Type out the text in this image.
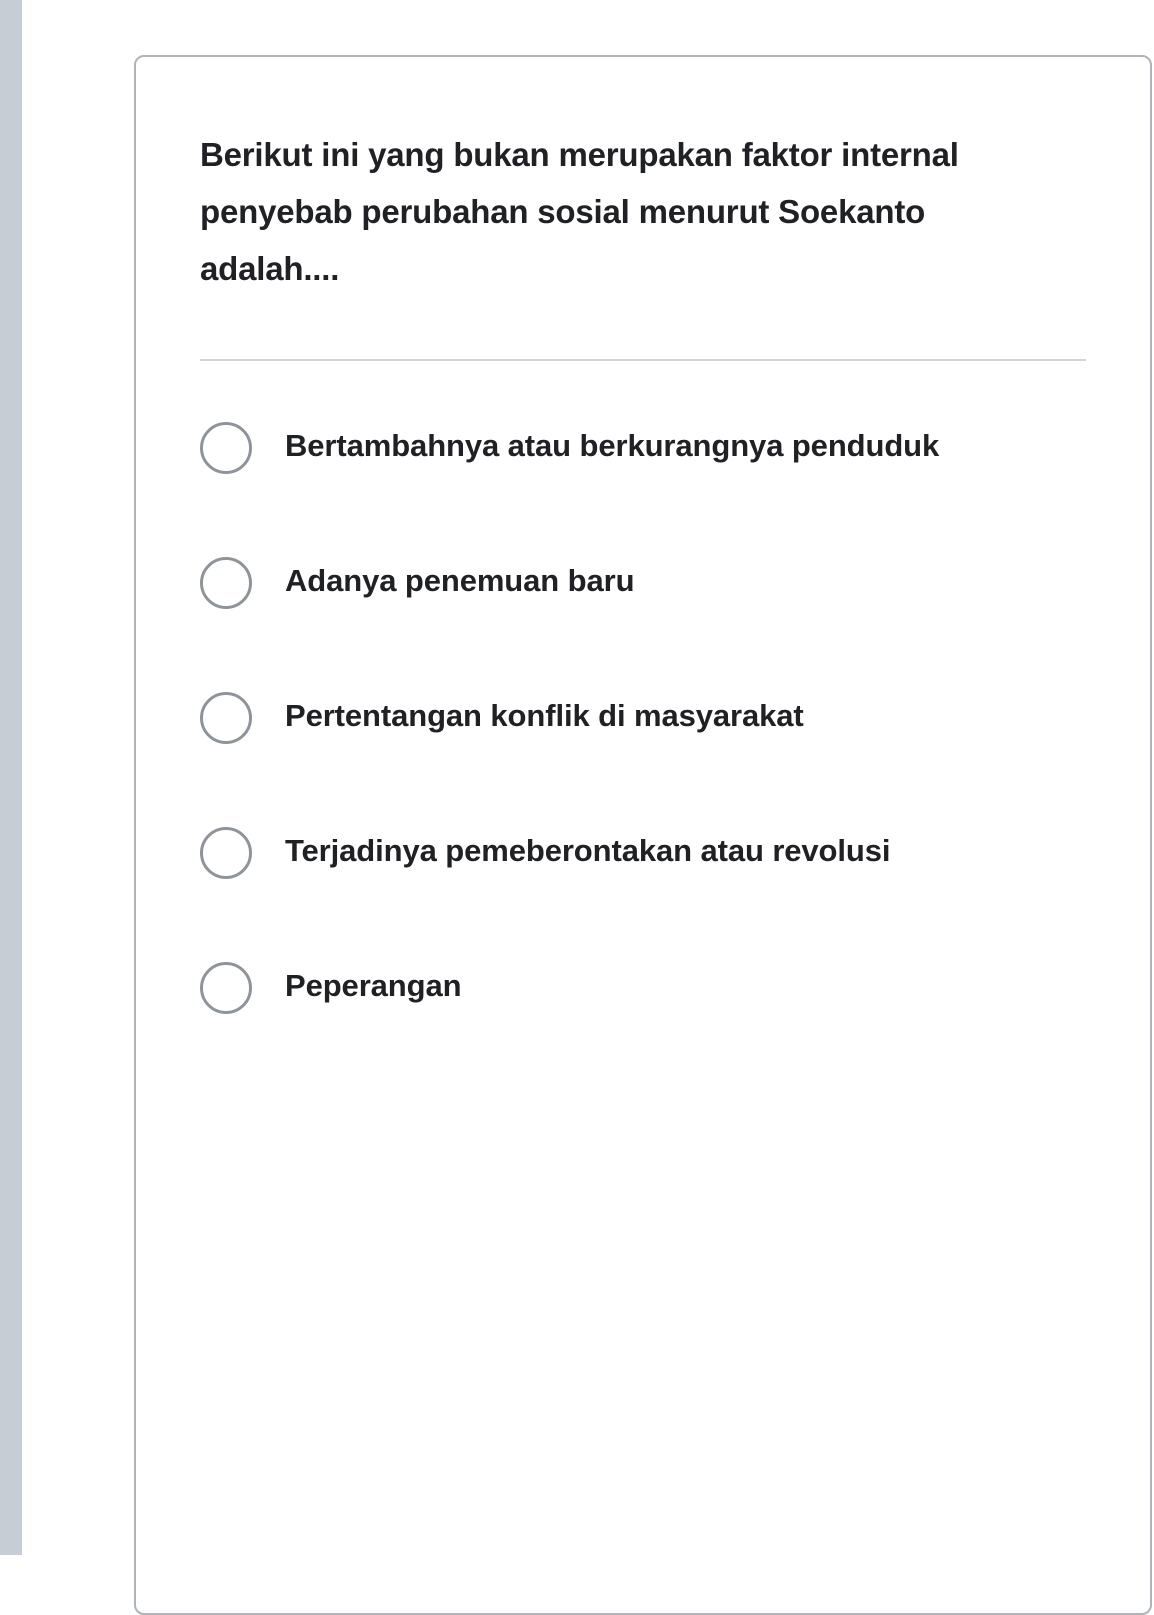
Berikut ini yang bukan merupakan faktor internal penyebab perubahan sosial menurut Soekanto adalah....
Bertambahnya atau berkurangnya penduduk
Adanya penemuan baru
Pertentangan konflik di masyarakat
Terjadinya pemeberontakan atau revolusi
Peperangan
